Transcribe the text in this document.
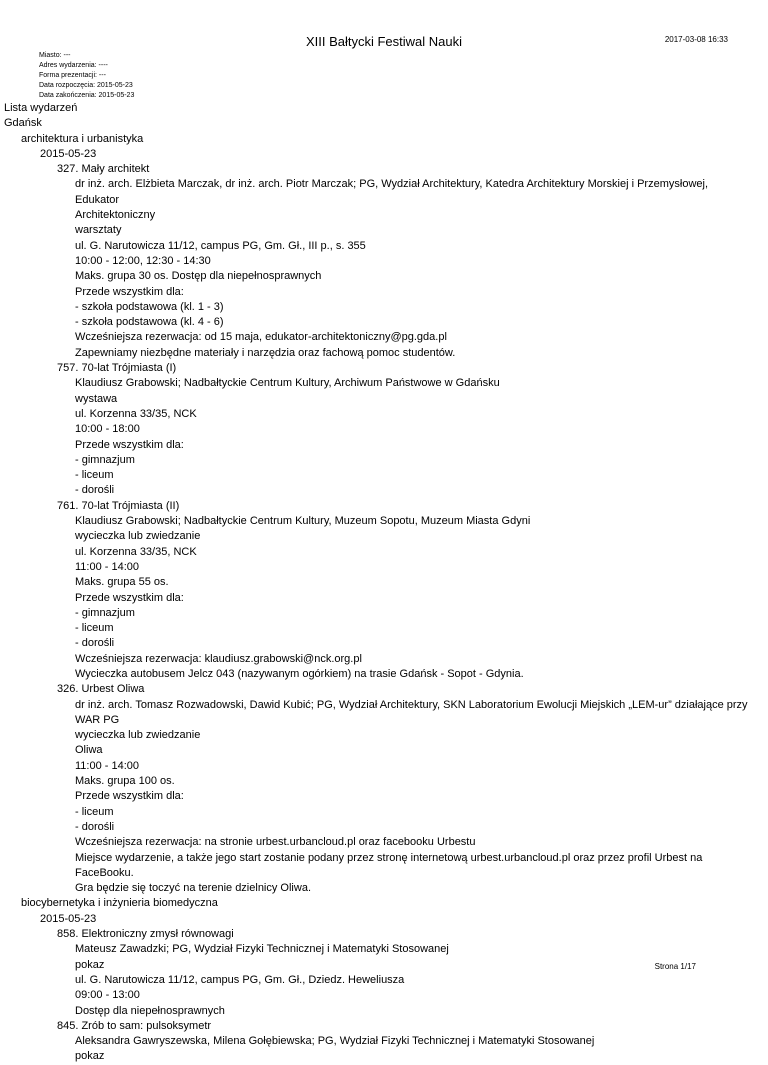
XIII Bałtycki Festiwal Nauki	2017-03-08 16:33
Miasto: ---
Adres wydarzenia: ----
Forma prezentacji: ---
Data rozpoczęcia: 2015-05-23
Data zakończenia: 2015-05-23
Lista wydarzeń
Gdańsk
architektura i urbanistyka
2015-05-23
327. Mały architekt
dr inż. arch. Elżbieta Marczak, dr inż. arch. Piotr Marczak; PG, Wydział Architektury, Katedra Architektury Morskiej i Przemysłowej, Edukator
Architektoniczny
warsztaty
ul. G. Narutowicza 11/12, campus PG, Gm. Gł., III p., s. 355
10:00 - 12:00, 12:30 - 14:30
Maks. grupa 30 os. Dostęp dla niepełnosprawnych
Przede wszystkim dla:
- szkoła podstawowa (kl. 1 - 3)
- szkoła podstawowa (kl. 4 - 6)
Wcześniejsza rezerwacja: od 15 maja, edukator-architektoniczny@pg.gda.pl
Zapewniamy niezbędne materiały i narzędzia oraz fachową pomoc studentów.
757. 70-lat Trójmiasta (I)
Klaudiusz Grabowski; Nadbałtyckie Centrum Kultury, Archiwum Państwowe w Gdańsku
wystawa
ul. Korzenna 33/35, NCK
10:00 - 18:00
Przede wszystkim dla:
- gimnazjum
- liceum
- dorośli
761. 70-lat Trójmiasta (II)
Klaudiusz Grabowski; Nadbałtyckie Centrum Kultury, Muzeum Sopotu, Muzeum Miasta Gdyni
wycieczka lub zwiedzanie
ul. Korzenna 33/35, NCK
11:00 - 14:00
Maks. grupa 55 os.
Przede wszystkim dla:
- gimnazjum
- liceum
- dorośli
Wcześniejsza rezerwacja: klaudiusz.grabowski@nck.org.pl
Wycieczka autobusem Jelcz 043 (nazywanym ogórkiem) na trasie Gdańsk - Sopot - Gdynia.
326. Urbest Oliwa
dr inż. arch. Tomasz Rozwadowski, Dawid Kubić; PG, Wydział Architektury, SKN Laboratorium Ewolucji Miejskich „LEM-ur” działające przy
WAR PG
wycieczka lub zwiedzanie
Oliwa
11:00 - 14:00
Maks. grupa 100 os.
Przede wszystkim dla:
- liceum
- dorośli
Wcześniejsza rezerwacja: na stronie urbest.urbancloud.pl oraz facebooku Urbestu
Miejsce wydarzenie, a także jego start zostanie podany przez stronę internetową urbest.urbancloud.pl oraz przez profil Urbest na FaceBooku.
Gra będzie się toczyć na terenie dzielnicy Oliwa.
biocybernetyka i inżynieria biomedyczna
2015-05-23
858. Elektroniczny zmysł równowagi
Mateusz Zawadzki; PG, Wydział Fizyki Technicznej i Matematyki Stosowanej
pokaz
ul. G. Narutowicza 11/12, campus PG, Gm. Gł., Dziedz. Heweliusza
09:00 - 13:00
Dostęp dla niepełnosprawnych
845. Zrób to sam: pulsoksymetr
Aleksandra Gawryszewska, Milena Gołębiewska; PG, Wydział Fizyki Technicznej i Matematyki Stosowanej
pokaz
Strona 1/17
